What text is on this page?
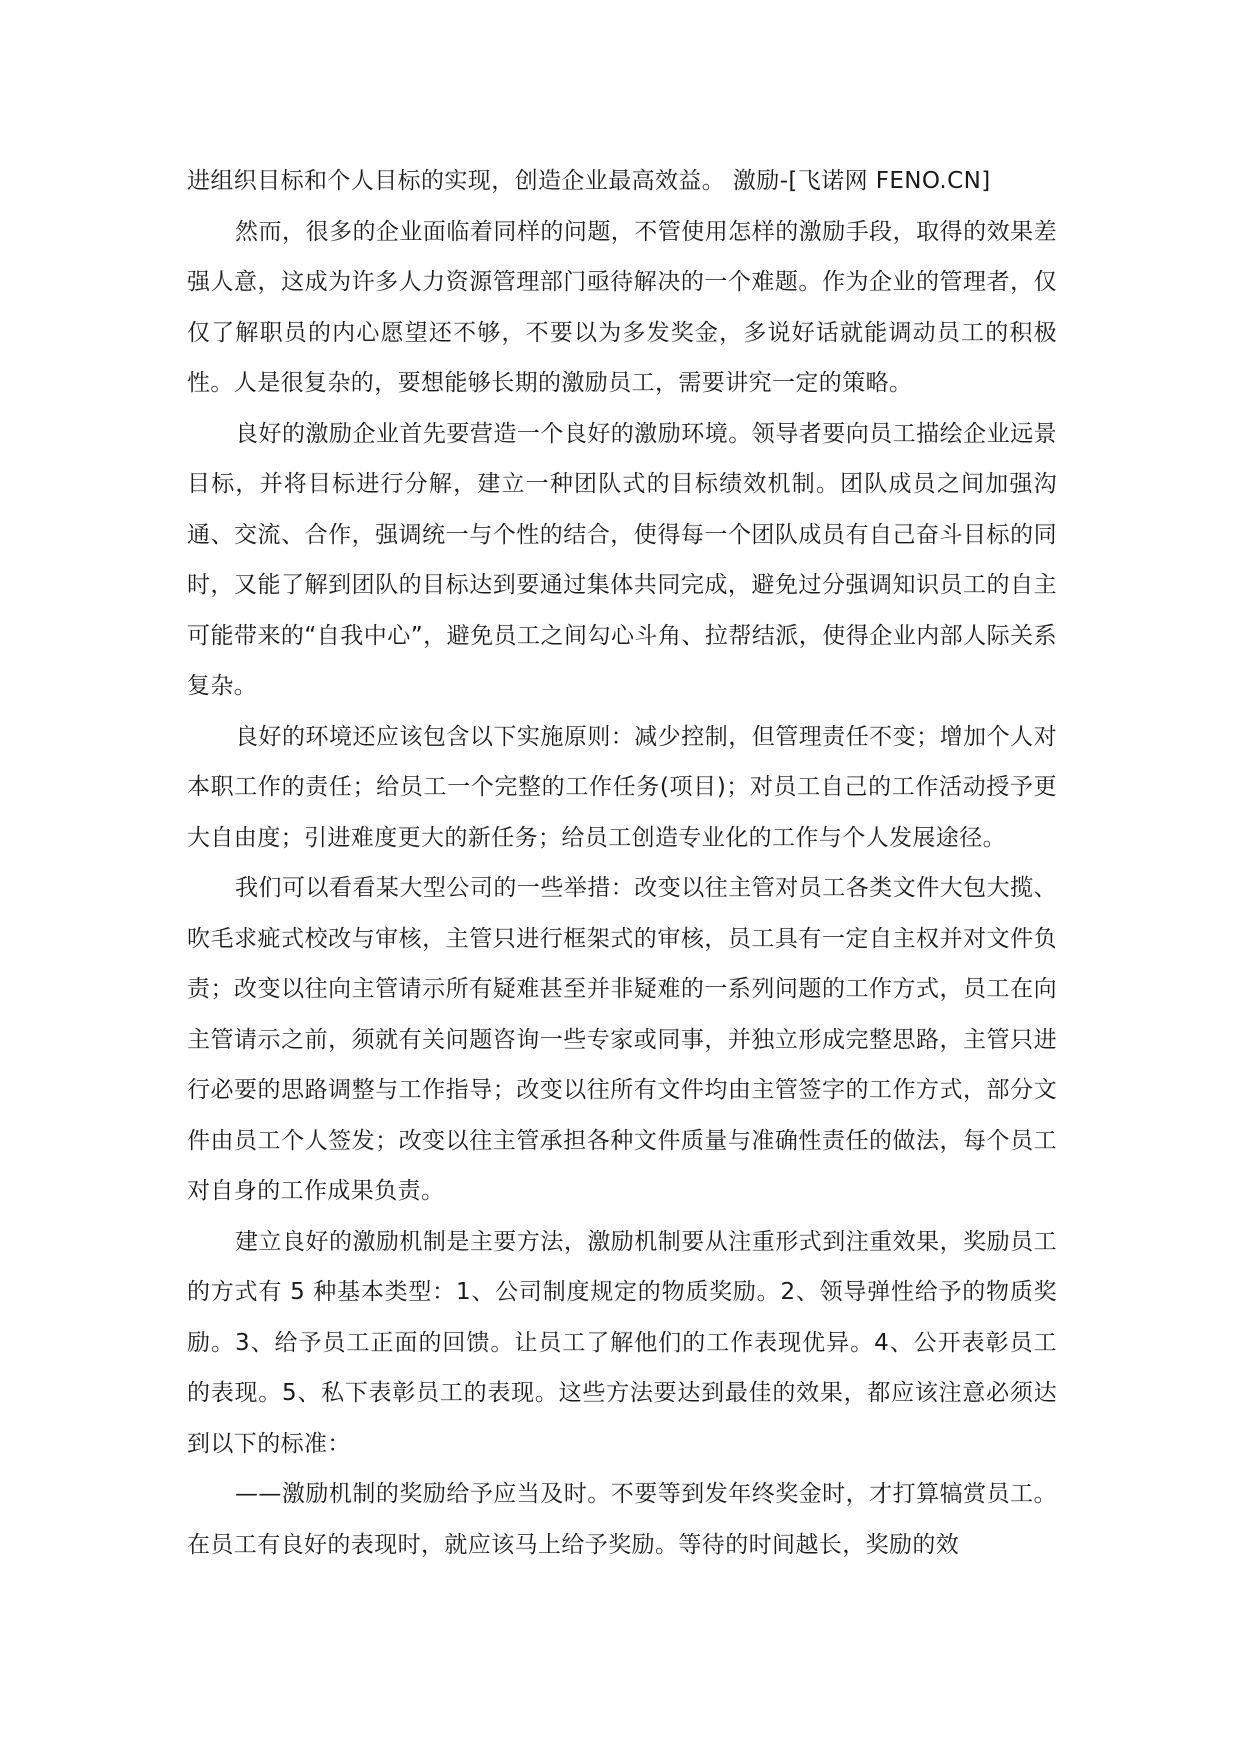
进组织目标和个人目标的实现，创造企业最高效益。 激励-[飞诺网 FENO.CN]

然而，很多的企业面临着同样的问题，不管使用怎样的激励手段，取得的效果差强人意，这成为许多人力资源管理部门亟待解决的一个难题。作为企业的管理者，仅仅了解职员的内心愿望还不够，不要以为多发奖金，多说好话就能调动员工的积极性。人是很复杂的，要想能够长期的激励员工，需要讲究一定的策略。

良好的激励企业首先要营造一个良好的激励环境。领导者要向员工描绘企业远景目标，并将目标进行分解，建立一种团队式的目标绩效机制。团队成员之间加强沟通、交流、合作，强调统一与个性的结合，使得每一个团队成员有自己奋斗目标的同时，又能了解到团队的目标达到要通过集体共同完成，避免过分强调知识员工的自主可能带来的“自我中心”，避免员工之间勾心斗角、拉帮结派，使得企业内部人际关系复杂。

良好的环境还应该包含以下实施原则：减少控制，但管理责任不变；增加个人对本职工作的责任；给员工一个完整的工作任务(项目)；对员工自己的工作活动授予更大自由度；引进难度更大的新任务；给员工创造专业化的工作与个人发展途径。

我们可以看看某大型公司的一些举措：改变以往主管对员工各类文件大包大揽、吹毛求疵式校改与审核，主管只进行框架式的审核，员工具有一定自主权并对文件负责；改变以往向主管请示所有疑难甚至并非疑难的一系列问题的工作方式，员工在向主管请示之前，须就有关问题咨询一些专家或同事，并独立形成完整思路，主管只进行必要的思路调整与工作指导；改变以往所有文件均由主管签字的工作方式，部分文件由员工个人签发；改变以往主管承担各种文件质量与准确性责任的做法，每个员工对自身的工作成果负责。

建立良好的激励机制是主要方法，激励机制要从注重形式到注重效果，奖励员工的方式有 5 种基本类型：1、公司制度规定的物质奖励。2、领导弹性给予的物质奖励。3、给予员工正面的回馈。让员工了解他们的工作表现优异。4、公开表彰员工的表现。5、私下表彰员工的表现。这些方法要达到最佳的效果，都应该注意必须达到以下的标准：

——激励机制的奖励给予应当及时。不要等到发年终奖金时，才打算犒赏员工。在员工有良好的表现时，就应该马上给予奖励。等待的时间越长，奖励的效
